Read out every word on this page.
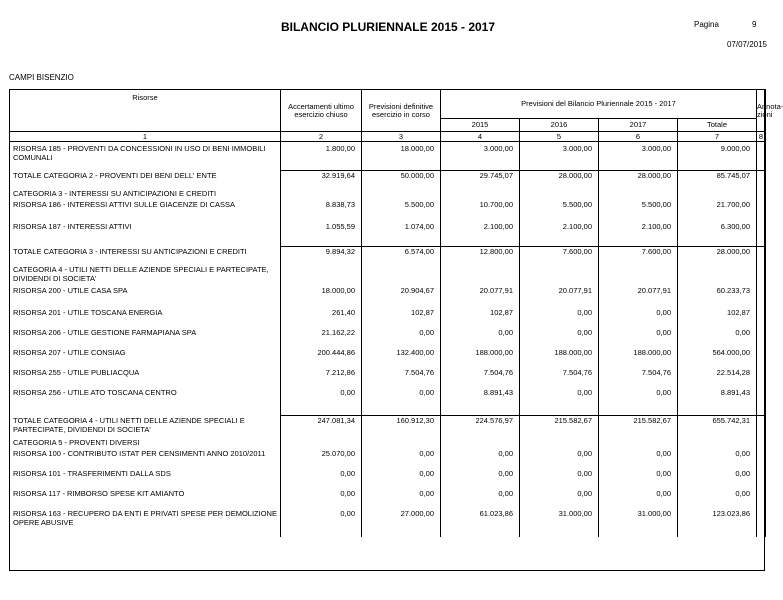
BILANCIO PLURIENNALE 2015 - 2017	Pagina	9
07/07/2015
CAMPI BISENZIO
Risorse	Accertamenti ultimo esercizio chiuso	Previsioni definitive esercizio in corso	Previsioni del Bilancio Pluriennale 2015 - 2017				Annota- zioni
			2015	2016	2017	Totale	
1	2	3	4	5	6	7	8

RISORSA 185 - PROVENTI DA CONCESSIONI IN USO DI BENI IMMOBILI COMUNALI	1.800,00	18.000,00	3.000,00	3.000,00	3.000,00	9.000,00	

TOTALE CATEGORIA 2 - PROVENTI DEI BENI DELL' ENTE	32.919,64	50.000,00	29.745,07	28.000,00	28.000,00	85.745,07	
CATEGORIA 3 - INTERESSI SU ANTICIPAZIONI E CREDITI							
RISORSA 186 - INTERESSI ATTIVI SULLE GIACENZE DI CASSA	8.838,73	5.500,00	10.700,00	5.500,00	5.500,00	21.700,00	
RISORSA 187 - INTERESSI ATTIVI	1.055,59	1.074,00	2.100,00	2.100,00	2.100,00	6.300,00	

TOTALE CATEGORIA 3 - INTERESSI SU ANTICIPAZIONI E CREDITI	9.894,32	6.574,00	12.800,00	7.600,00	7.600,00	28.000,00	
CATEGORIA 4 - UTILI NETTI DELLE AZIENDE SPECIALI E PARTECIPATE, DIVIDENDI DI SOCIETA'							
RISORSA 200 - UTILE CASA SPA	18.000,00	20.904,67	20.077,91	20.077,91	20.077,91	60.233,73	
RISORSA 201 - UTILE TOSCANA ENERGIA	261,40	102,87	102,87	0,00	0,00	102,87	
RISORSA 206 - UTILE GESTIONE FARMAPIANA SPA	21.162,22	0,00	0,00	0,00	0,00	0,00	
RISORSA 207 - UTILE CONSIAG	200.444,86	132.400,00	188.000,00	188.000,00	188.000,00	564.000,00	
RISORSA 255 - UTILE PUBLIACQUA	7.212,86	7.504,76	7.504,76	7.504,76	7.504,76	22.514,28	
RISORSA 256 - UTILE ATO TOSCANA CENTRO	0,00	0,00	8.891,43	0,00	0,00	8.891,43	

TOTALE CATEGORIA 4 - UTILI NETTI DELLE AZIENDE SPECIALI E PARTECIPATE, DIVIDENDI DI SOCIETA'	247.081,34	160.912,30	224.576,97	215.582,67	215.582,67	655.742,31	
CATEGORIA 5 - PROVENTI DIVERSI							
RISORSA 100 - CONTRIBUTO ISTAT PER CENSIMENTI ANNO 2010/2011	25.070,00	0,00	0,00	0,00	0,00	0,00	
RISORSA 101 - TRASFERIMENTI DALLA SDS	0,00	0,00	0,00	0,00	0,00	0,00	
RISORSA 117 - RIMBORSO SPESE KIT AMIANTO	0,00	0,00	0,00	0,00	0,00	0,00	
RISORSA 163 - RECUPERO DA ENTI E PRIVATI SPESE PER DEMOLIZIONE OPERE ABUSIVE	0,00	27.000,00	61.023,86	31.000,00	31.000,00	123.023,86	
